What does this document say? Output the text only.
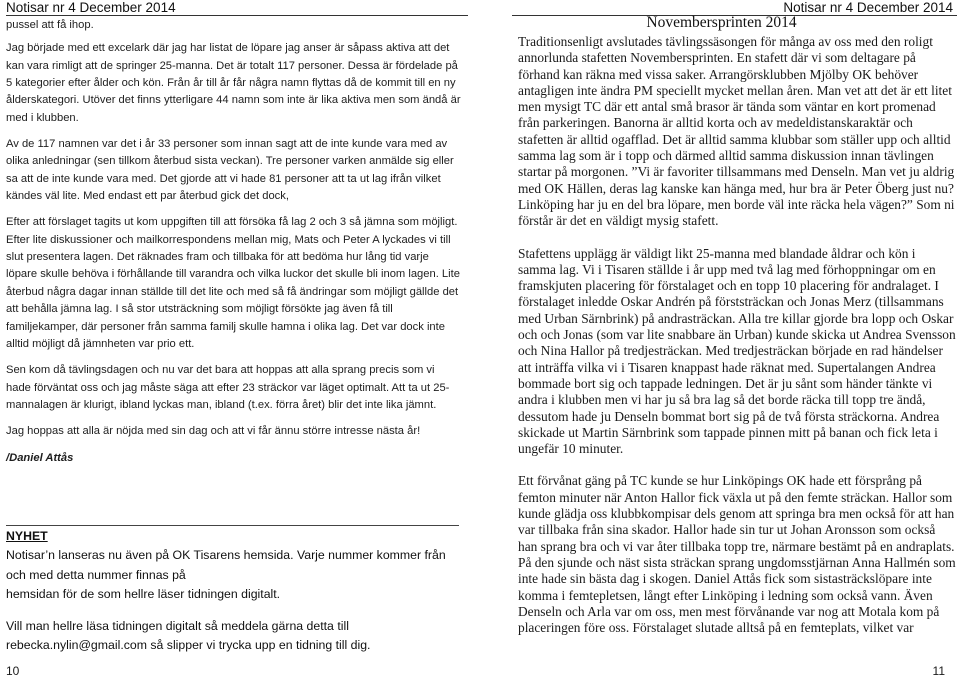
Notisar nr 4 December 2014

pussel att få ihop.

Jag började med ett excelark där jag har listat de löpare jag anser är såpass aktiva att det kan vara rimligt att de springer 25-manna. Det är totalt 117 personer. Dessa är fördelade på 5 kategorier efter ålder och kön. Från år till år får några namn flyttas då de kommit till en ny ålderskategori. Utöver det finns ytterligare 44 namn som inte är lika aktiva men som ändå är med i klubben.

Av de 117 namnen var det i år 33 personer som innan sagt att de inte kunde vara med av olika anledningar (sen tillkom återbud sista veckan). Tre personer varken anmälde sig eller sa att de inte kunde vara med. Det gjorde att vi hade 81 personer att ta ut lag ifrån vilket kändes väl lite. Med endast ett par återbud gick det dock,

Efter att förslaget tagits ut kom uppgiften till att försöka få lag 2 och 3 så jämna som möjligt. Efter lite diskussioner och mailkorrespondens mellan mig, Mats och Peter A lyckades vi till slut presentera lagen. Det räknades fram och tillbaka för att bedöma hur lång tid varje löpare skulle behöva i förhållande till varandra och vilka luckor det skulle bli inom lagen. Lite återbud några dagar innan ställde till det lite och med så få ändringar som möjligt gällde det att behålla jämna lag. I så stor utsträckning som möjligt försökte jag även få till familjekamper, där personer från samma familj skulle hamna i olika lag. Det var dock inte alltid möjligt då jämnheten var prio ett.

Sen kom då tävlingsdagen och nu var det bara att hoppas att alla sprang precis som vi hade förväntat oss och jag måste säga att efter 23 sträckor var läget optimalt. Att ta ut 25-mannalagen är klurigt, ibland lyckas man, ibland (t.ex. förra året) blir det inte lika jämnt.

Jag hoppas att alla är nöjda med sin dag och att vi får ännu större intresse nästa år!

/Daniel Attås

NYHET

Notisar’n lanseras nu även på OK Tisarens hemsida. Varje nummer kommer från och med detta nummer finnas på

hemsidan för de som hellre läser tidningen digitalt.

Vill man hellre läsa tidningen digitalt så meddela gärna detta till rebecka.nylin@gmail.com så slipper vi trycka upp en tidning till dig.

10
Notisar nr 4 December 2014
Novembersprinten 2014

Traditionsenligt avslutades tävlingssäsongen för många av oss med den roligt annorlunda stafetten Novembersprinten. En stafett där vi som deltagare på förhand kan räkna med vissa saker. Arrangörsklubben Mjölby OK behöver antagligen inte ändra PM speciellt mycket mellan åren. Man vet att det är ett litet men mysigt TC där ett antal små brasor är tända som väntar en kort promenad från parkeringen. Banorna är alltid korta och av medeldistanskaraktär och stafetten är alltid ogafflad. Det är alltid samma klubbar som ställer upp och alltid samma lag som är i topp och därmed alltid samma diskussion innan tävlingen startar på morgonen. ”Vi är favoriter tillsammans med Denseln. Man vet ju aldrig med OK Hällen, deras lag kanske kan hänga med, hur bra är Peter Öberg just nu? Linköping har ju en del bra löpare, men borde väl inte räcka hela vägen?” Som ni förstår är det en väldigt mysig stafett.

Stafettens upplägg är väldigt likt 25-manna med blandade åldrar och kön i samma lag. Vi i Tisaren ställde i år upp med två lag med förhoppningar om en framskjuten placering för förstalaget och en topp 10 placering för andralaget. I förstalaget inledde Oskar Andrén på förststräckan och Jonas Merz (tillsammans med Urban Särnbrink) på andrasträckan. Alla tre killar gjorde bra lopp och Oskar och och Jonas (som var lite snabbare än Urban) kunde skicka ut Andrea Svensson och Nina Hallor på tredjesträckan. Med tredjesträckan började en rad händelser att inträffa vilka vi i Tisaren knappast hade räknat med. Supertalangen Andrea bommade bort sig och tappade ledningen. Det är ju sånt som händer tänkte vi andra i klubben men vi har ju så bra lag så det borde räcka till topp tre ändå, dessutom hade ju Denseln bommat bort sig på de två första sträckorna. Andrea skickade ut Martin Särnbrink som tappade pinnen mitt på banan och fick leta i ungefär 10 minuter.

Ett förvånat gäng på TC kunde se hur Linköpings OK hade ett försprång på femton minuter när Anton Hallor fick växla ut på den femte sträckan. Hallor som kunde glädja oss klubbkompisar dels genom att springa bra men också för att han var tillbaka från sina skador. Hallor hade sin tur ut Johan Aronsson som också han sprang bra och vi var åter tillbaka topp tre, närmare bestämt på en andraplats. På den sjunde och näst sista sträckan sprang ungdomsstjärnan Anna Hallmén som inte hade sin bästa dag i skogen. Daniel Attås fick som sistasträckslöpare inte komma i femtepletsen, långt efter Linköping i ledning som också vann. Även Denseln och Arla var om oss, men mest förvånande var nog att Motala kom på placeringen före oss. Förstalaget slutade alltså på en femteplats, vilket var

11
